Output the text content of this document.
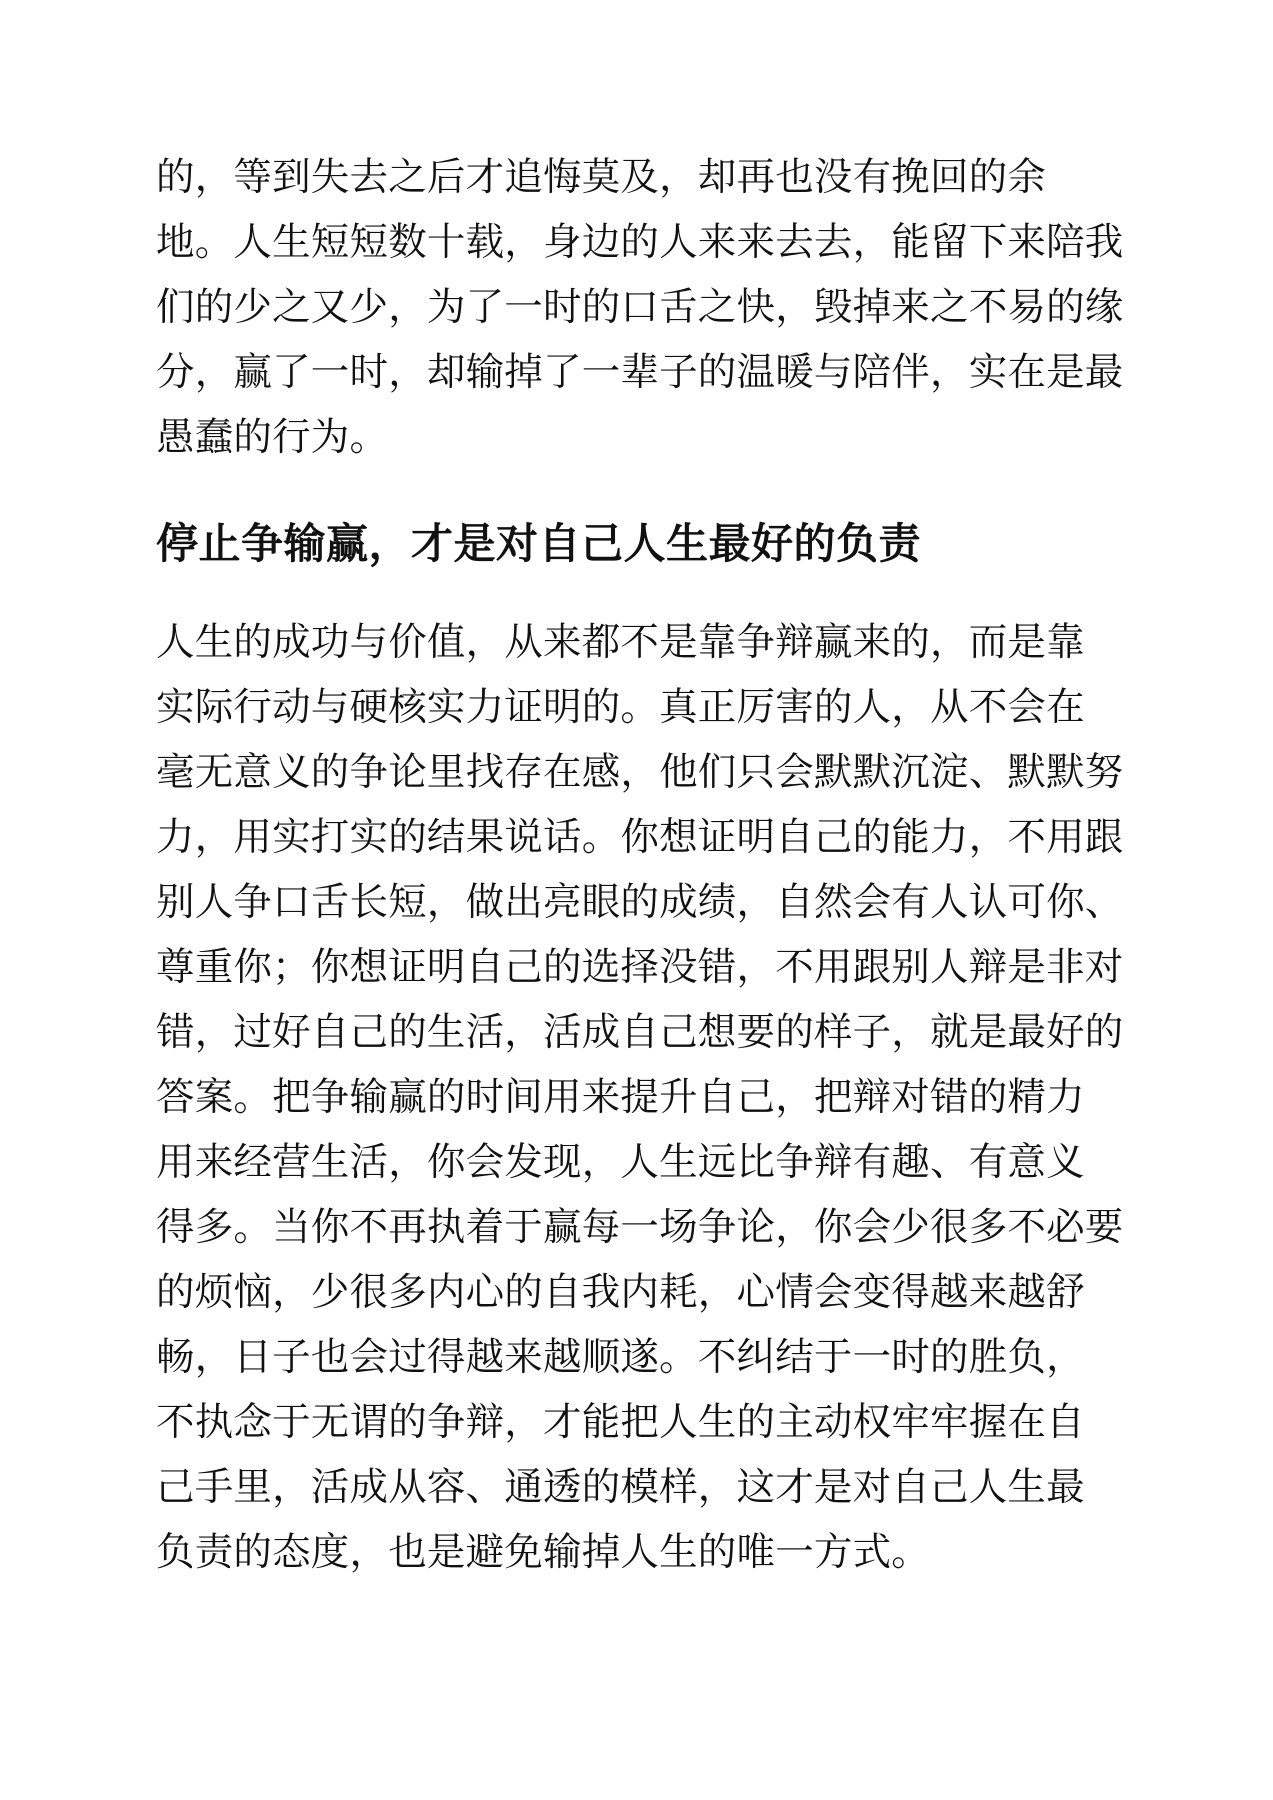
的，等到失去之后才追悔莫及，却再也没有挽回的余
地。人生短短数十载，身边的人来来去去，能留下来陪我
们的少之又少，为了一时的口舌之快，毁掉来之不易的缘
分，赢了一时，却输掉了一辈子的温暖与陪伴，实在是最
愚蠢的行为。

停止争输赢，才是对自己人生最好的负责

人生的成功与价值，从来都不是靠争辩赢来的，而是靠
实际行动与硬核实力证明的。真正厉害的人，从不会在
毫无意义的争论里找存在感，他们只会默默沉淀、默默努
力，用实打实的结果说话。你想证明自己的能力，不用跟
别人争口舌长短，做出亮眼的成绩，自然会有人认可你、
尊重你；你想证明自己的选择没错，不用跟别人辩是非对
错，过好自己的生活，活成自己想要的样子，就是最好的
答案。把争输赢的时间用来提升自己，把辩对错的精力
用来经营生活，你会发现，人生远比争辩有趣、有意义
得多。当你不再执着于赢每一场争论，你会少很多不必要
的烦恼，少很多内心的自我内耗，心情会变得越来越舒
畅，日子也会过得越来越顺遂。不纠结于一时的胜负，
不执念于无谓的争辩，才能把人生的主动权牢牢握在自
己手里，活成从容、通透的模样，这才是对自己人生最
负责的态度，也是避免输掉人生的唯一方式。
